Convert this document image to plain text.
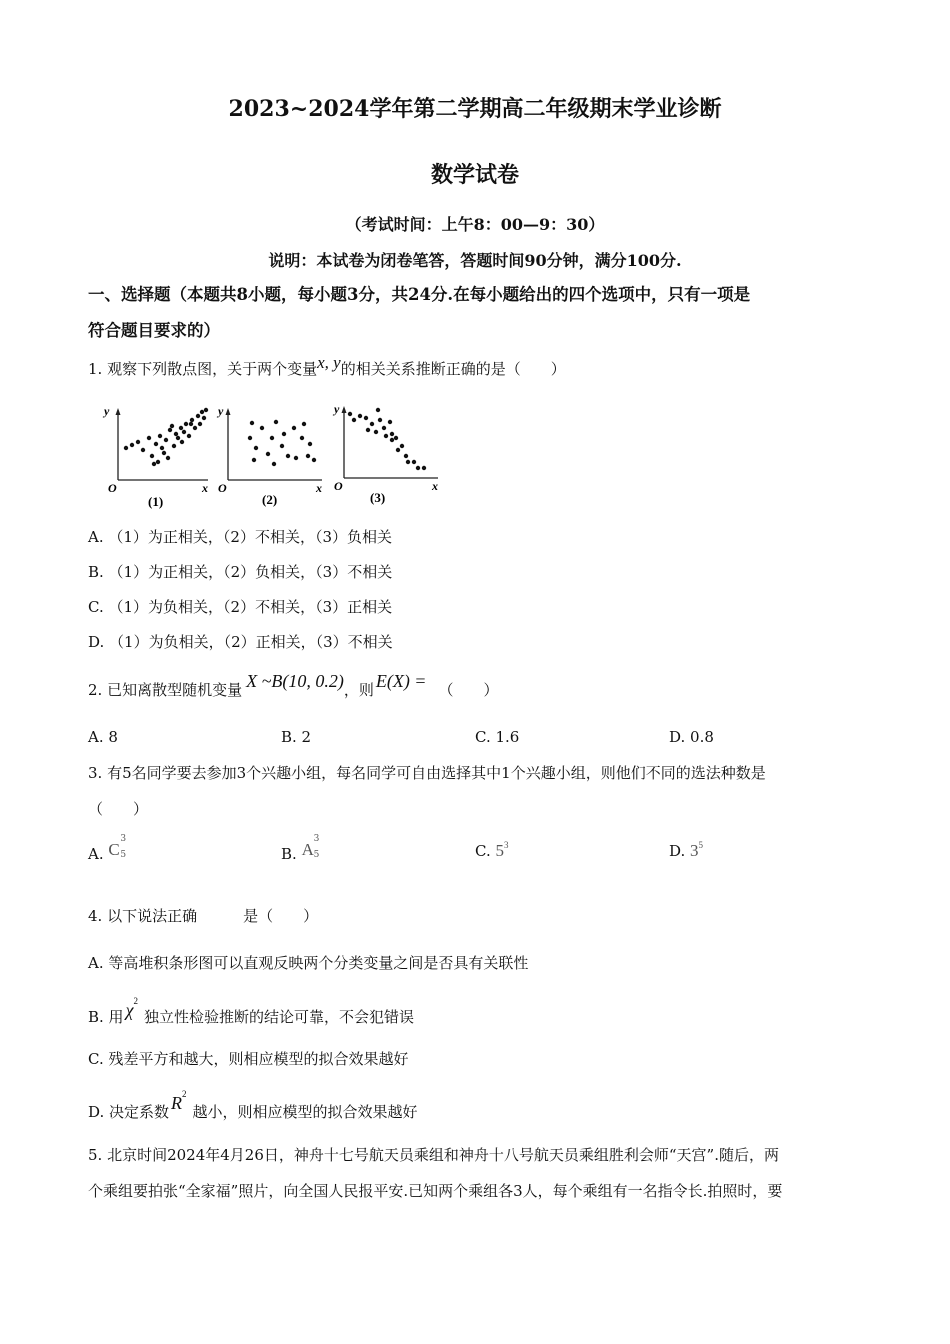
2023~2024学年第二学期高二年级期末学业诊断
数学试卷
（考试时间：上午8：00—9：30）
说明：本试卷为闭卷笔答，答题时间90分钟，满分100分.
一、选择题（本题共8小题，每小题3分，共24分.在每小题给出的四个选项中，只有一项是
符合题目要求的）
1. 观察下列散点图，关于两个变量x, y的相关关系推断正确的是（　　）
y
x
O
(1)
y
x
O
(2)
y
x
O
(3)
A. （1）为正相关，（2）不相关，（3）负相关
B. （1）为正相关，（2）负相关，（3）不相关
C. （1）为负相关，（2）不相关，（3）正相关
D. （1）为负相关，（2）正相关，（3）不相关
2. 已知离散型随机变量 X ~B(10, 0.2)，则 E(X) = （　　）
A. 8	B. 2	C. 1.6	D. 0.8
3. 有5名同学要去参加3个兴趣小组，每名同学可自由选择其中1个兴趣小组，则他们不同的选法种数是
（　　）
A. C
3
5	B. A
3
5	C. $5^3$	D. $3^5$
4. 以下说法正确	是（　　）
A. 等高堆积条形图可以直观反映两个分类变量之间是否具有关联性
B. 用 $\chi^2$独立性检验推断的结论可靠，不会犯错误
C. 残差平方和越大，则相应模型的拟合效果越好
D. 决定系数 $R^2$越小，则相应模型的拟合效果越好
5. 北京时间2024年4月26日，神舟十七号航天员乘组和神舟十八号航天员乘组胜利会师“天宫”.随后，两
个乘组要拍张“全家福”照片，向全国人民报平安.已知两个乘组各3人，每个乘组有一名指令长.拍照时，要
